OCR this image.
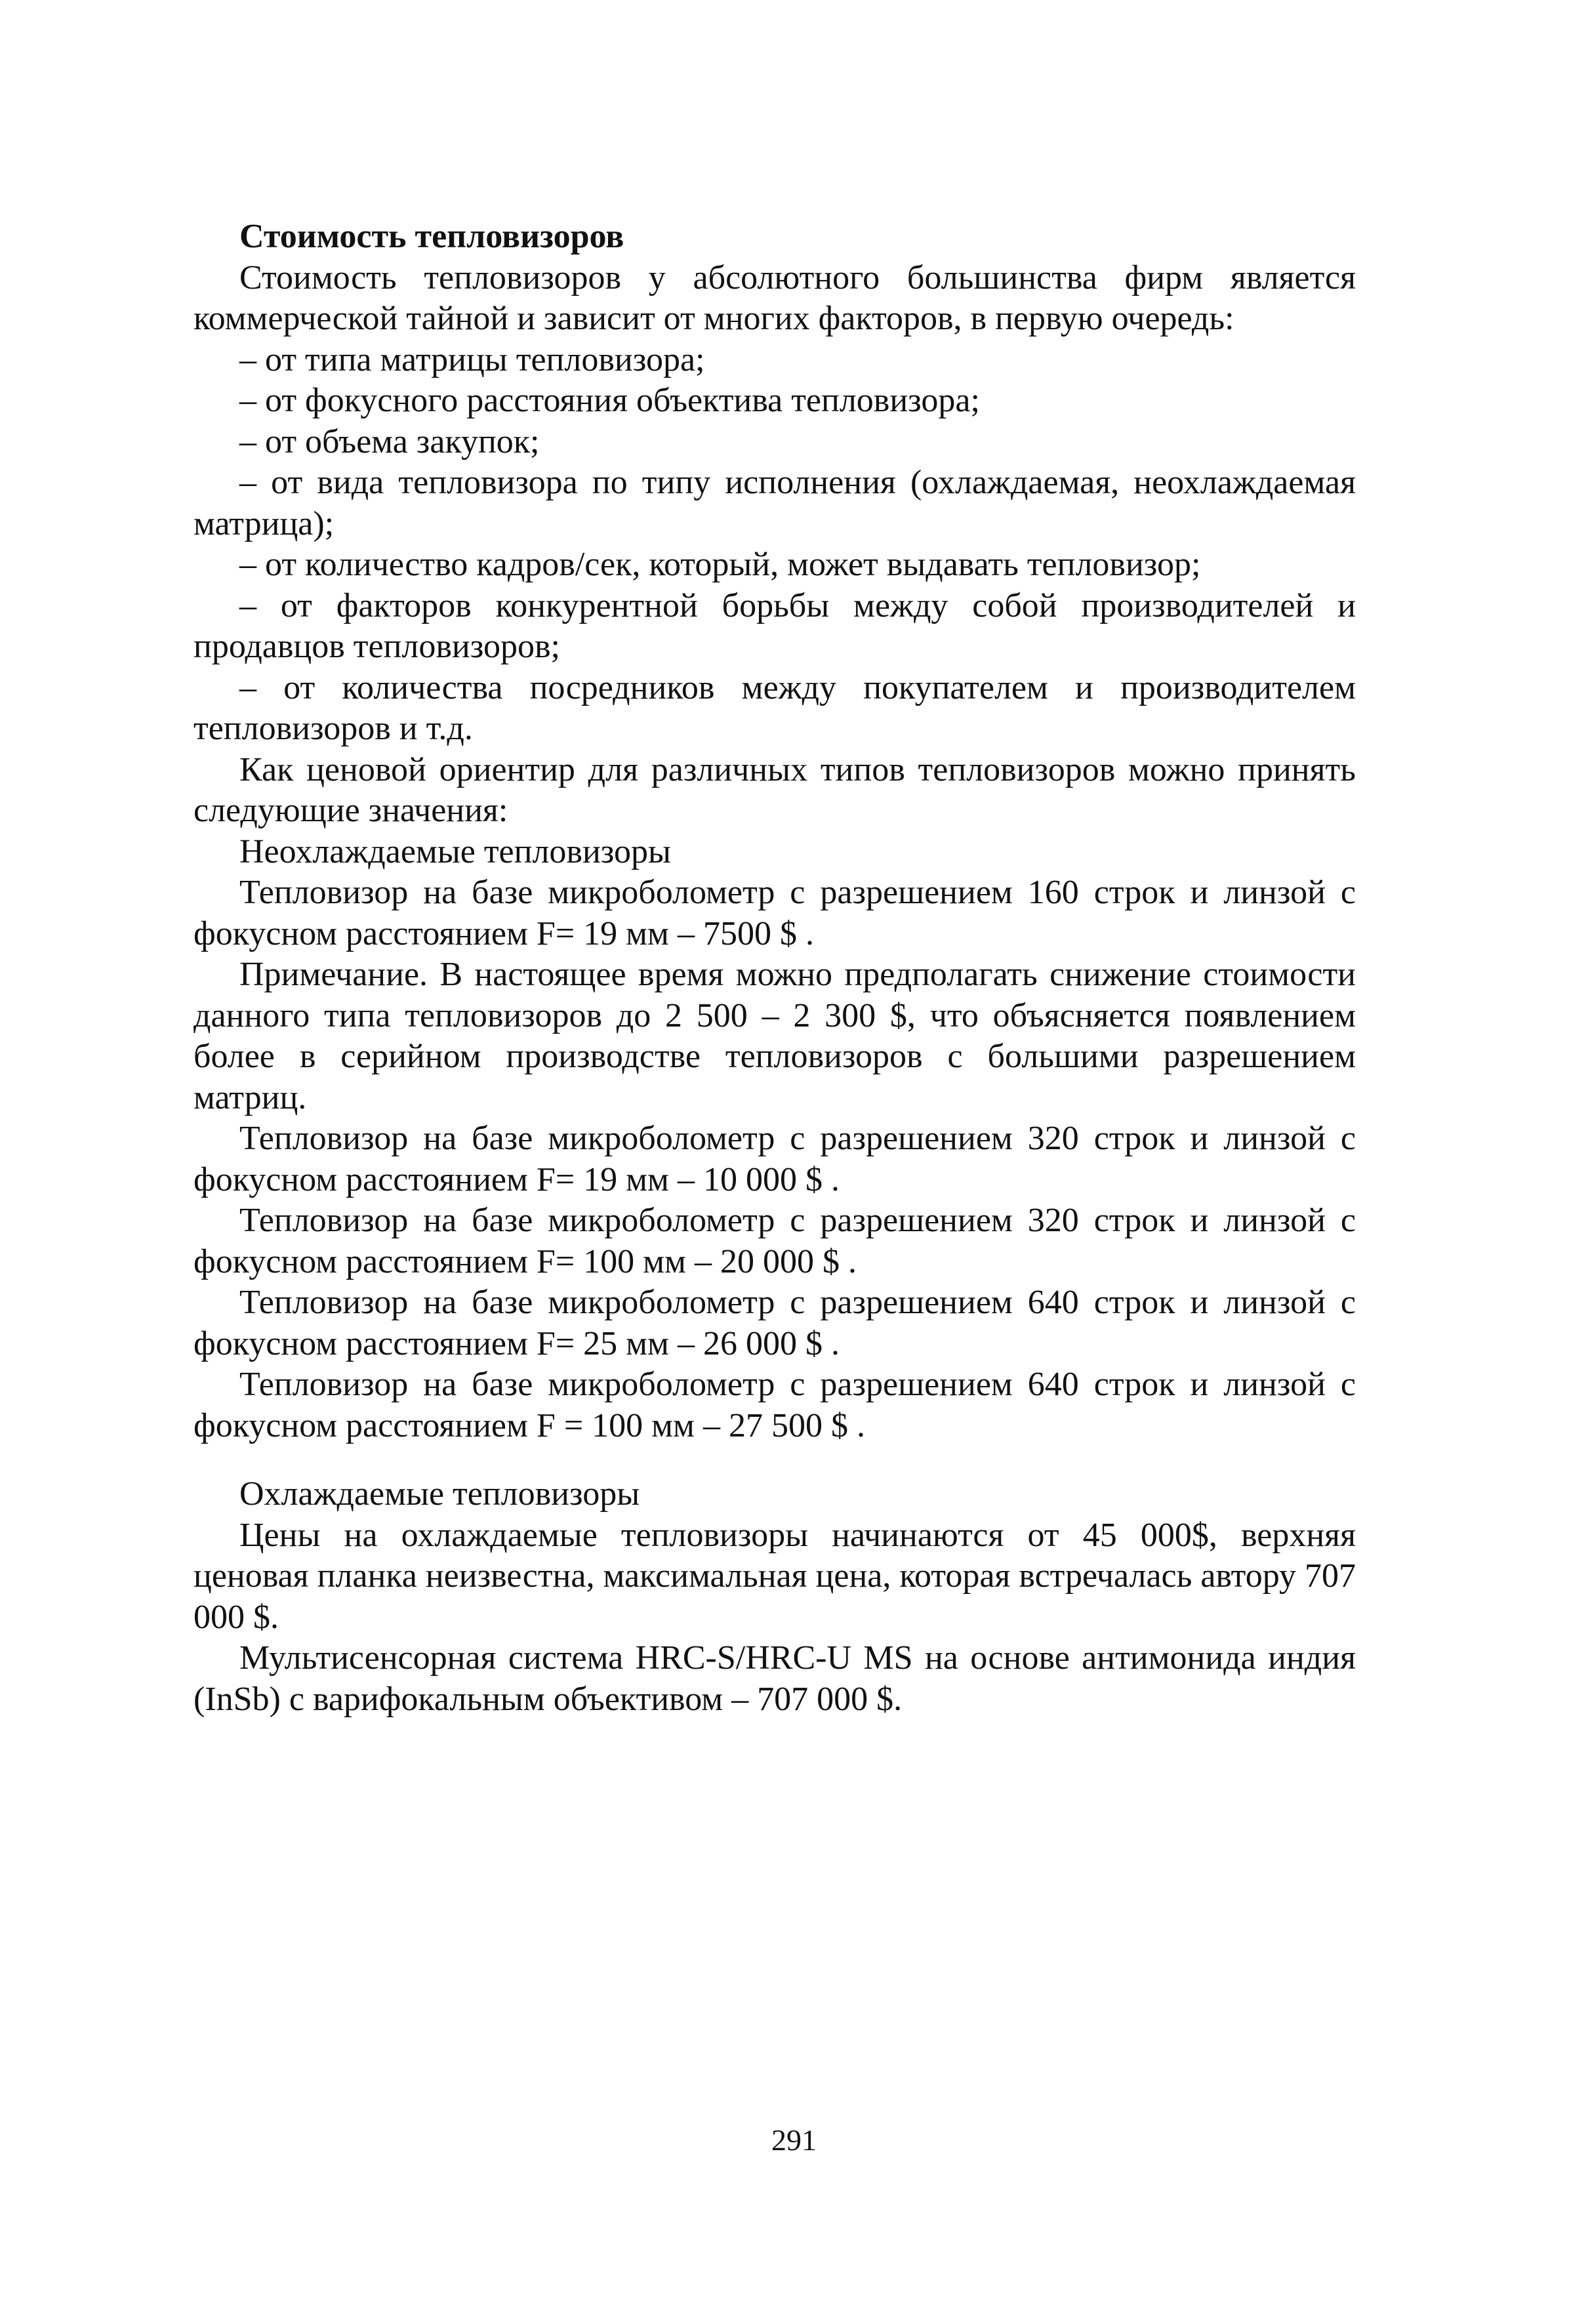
Стоимость тепловизоров

Стоимость тепловизоров у абсолютного большинства фирм является коммерческой тайной и зависит от многих факторов, в первую очередь:

– от типа матрицы тепловизора;

– от фокусного расстояния объектива тепловизора;

– от объема закупок;

– от вида тепловизора по типу исполнения (охлаждаемая, неохлаждаемая матрица);

– от количество кадров/сек, который, может выдавать тепловизор;

– от факторов конкурентной борьбы между собой производителей и продавцов тепловизоров;

– от количества посредников между покупателем и производителем тепловизоров и т.д.

Как ценовой ориентир для различных типов тепловизоров можно принять следующие значения:

Неохлаждаемые тепловизоры

Тепловизор на базе микроболометр с разрешением 160 строк и линзой с фокусном расстоянием F= 19 мм – 7500 $ .

Примечание. В настоящее время можно предполагать снижение стоимости данного типа тепловизоров до 2 500 – 2 300 $, что объясняется появлением более в серийном производстве тепловизоров с большими разрешением матриц.

Тепловизор на базе микроболометр с разрешением 320 строк и линзой с фокусном расстоянием F= 19 мм – 10 000 $ .

Тепловизор на базе микроболометр с разрешением 320 строк и линзой с фокусном расстоянием F= 100 мм – 20 000 $ .

Тепловизор на базе микроболометр с разрешением 640 строк и линзой с фокусном расстоянием F= 25 мм – 26 000 $ .

Тепловизор на базе микроболометр с разрешением 640 строк и линзой с фокусном расстоянием F = 100 мм – 27 500 $ .

Охлаждаемые тепловизоры

Цены на охлаждаемые тепловизоры начинаются от 45 000$, верхняя ценовая планка неизвестна, максимальная цена, которая встречалась автору 707 000 $.

Мультисенсорная система HRC-S/HRC-U MS на основе антимонида индия (InSb) с варифокальным объективом – 707 000 $.

291
